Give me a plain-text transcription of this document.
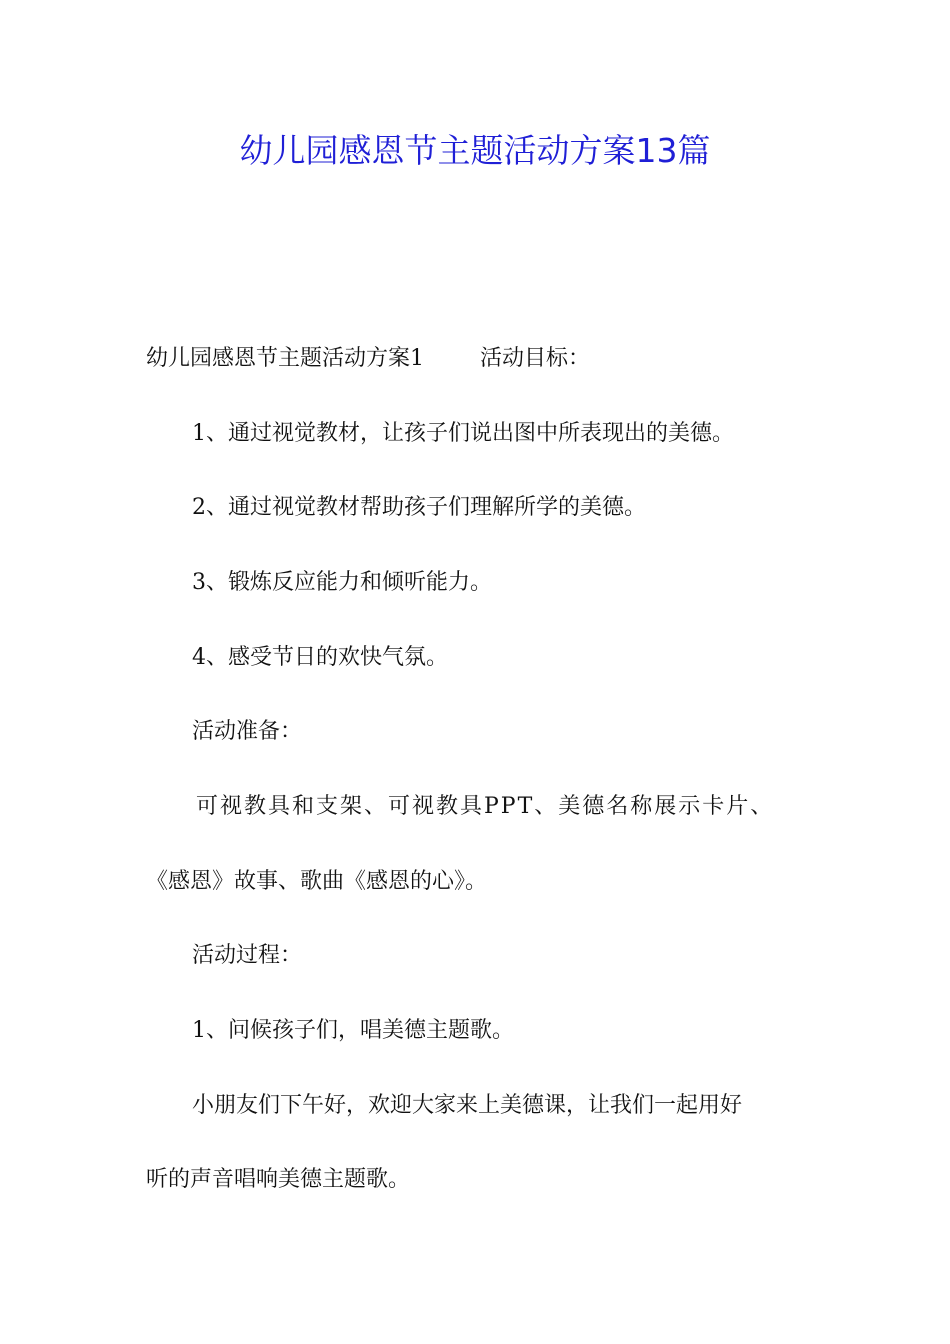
幼儿园感恩节主题活动方案13篇
幼儿园感恩节主题活动方案1	活动目标：
1、通过视觉教材，让孩子们说出图中所表现出的美德。
2、通过视觉教材帮助孩子们理解所学的美德。
3、锻炼反应能力和倾听能力。
4、感受节日的欢快气氛。
活动准备：
可视教具和支架、可视教具PPT、美德名称展示卡片、
《感恩》故事、歌曲《感恩的心》。
活动过程：
1、问候孩子们，唱美德主题歌。
小朋友们下午好，欢迎大家来上美德课，让我们一起用好
听的声音唱响美德主题歌。
